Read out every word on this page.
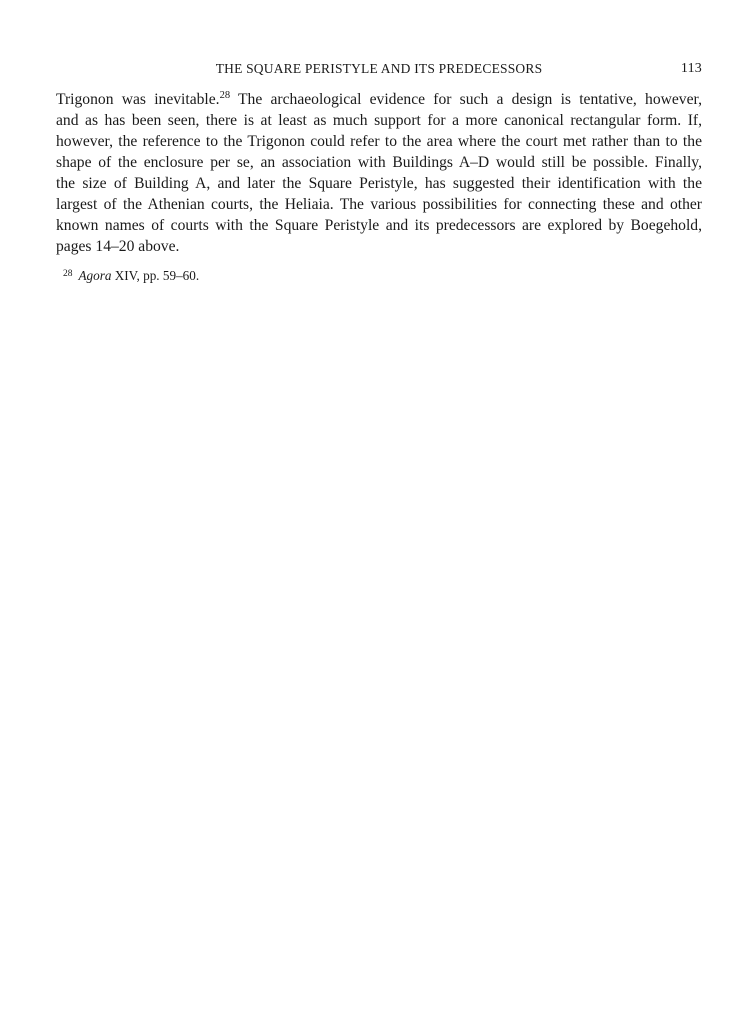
THE SQUARE PERISTYLE AND ITS PREDECESSORS	113
Trigonon was inevitable.$^{28}$ The archaeological evidence for such a design is tentative, however,
and as has been seen, there is at least as much support for a more canonical rectangular form. If,
however, the reference to the Trigonon could refer to the area where the court met rather than to the
shape of the enclosure per se, an association with Buildings A–D would still be possible. Finally,
the size of Building A, and later the Square Peristyle, has suggested their identification with the
largest of the Athenian courts, the Heliaia. The various possibilities for connecting these and other
known names of courts with the Square Peristyle and its predecessors are explored by Boegehold,
pages 14–20 above.
$^{28}$ Agora XIV, pp. 59–60.
